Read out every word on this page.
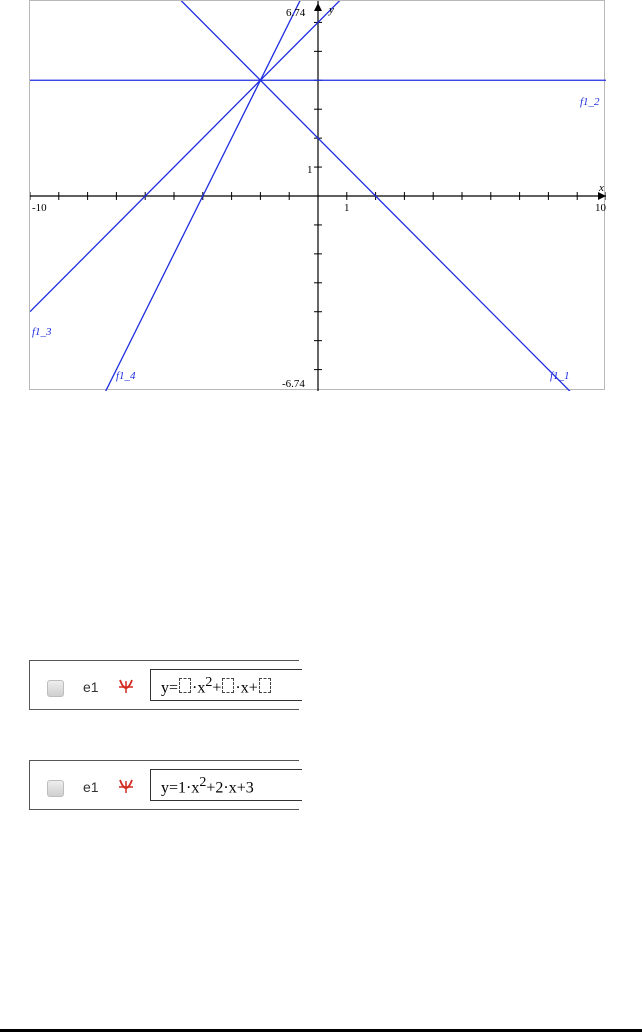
6.74
-6.74
-10	10
1
1
y
x
f1_1
f1_2
f1_3
f1_4
e1	$y= \cdot x^2+ \cdot x+$
e1	$y=1\cdot x^2+2\cdot x+3$
